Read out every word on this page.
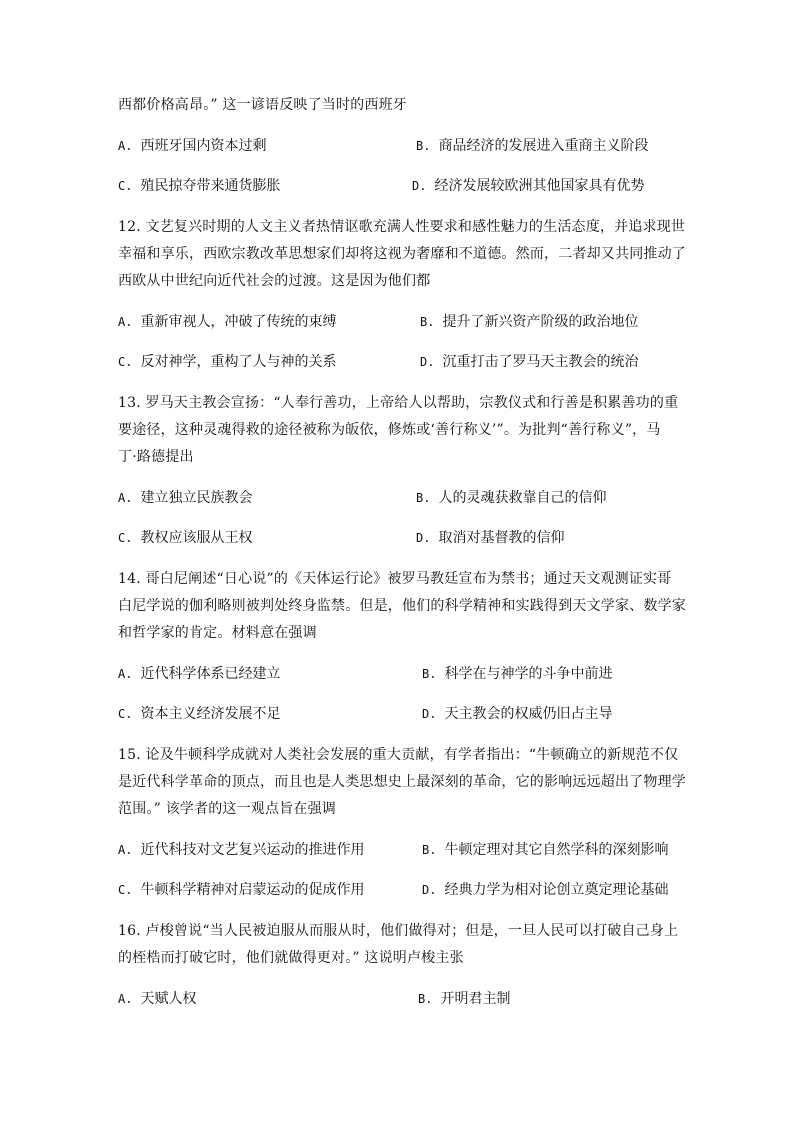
西都价格高昂。” 这一谚语反映了当时的西班牙
A. 西班牙国内资本过剩	B. 商品经济的发展进入重商主义阶段
C. 殖民掠夺带来通货膨胀	D. 经济发展较欧洲其他国家具有优势
12. 文艺复兴时期的人文主义者热情讴歌充满人性要求和感性魅力的生活态度，并追求现世
幸福和享乐，西欧宗教改革思想家们却将这视为奢靡和不道德。然而，二者却又共同推动了
西欧从中世纪向近代社会的过渡。这是因为他们都
A. 重新审视人，冲破了传统的束缚	B. 提升了新兴资产阶级的政治地位
C. 反对神学，重构了人与神的关系	D. 沉重打击了罗马天主教会的统治
13. 罗马天主教会宣扬：“人奉行善功，上帝给人以帮助，宗教仪式和行善是积累善功的重
要途径，这种灵魂得救的途径被称为皈依，修炼或‘善行称义’”。为批判“善行称义”，马
丁·路德提出
A. 建立独立民族教会	B. 人的灵魂获救靠自己的信仰
C. 教权应该服从王权	D. 取消对基督教的信仰
14. 哥白尼阐述“日心说”的《天体运行论》被罗马教廷宣布为禁书；通过天文观测证实哥
白尼学说的伽利略则被判处终身监禁。但是，他们的科学精神和实践得到天文学家、数学家
和哲学家的肯定。材料意在强调
A. 近代科学体系已经建立	B. 科学在与神学的斗争中前进
C. 资本主义经济发展不足	D. 天主教会的权威仍旧占主导
15. 论及牛顿科学成就对人类社会发展的重大贡献，有学者指出：“牛顿确立的新规范不仅
是近代科学革命的顶点，而且也是人类思想史上最深刻的革命，它的影响远远超出了物理学
范围。” 该学者的这一观点旨在强调
A. 近代科技对文艺复兴运动的推进作用	B. 牛顿定理对其它自然学科的深刻影响
C. 牛顿科学精神对启蒙运动的促成作用	D. 经典力学为相对论创立奠定理论基础
16. 卢梭曾说“当人民被迫服从而服从时，他们做得对；但是，一旦人民可以打破自己身上
的桎梏而打破它时，他们就做得更对。” 这说明卢梭主张
A. 天赋人权	B. 开明君主制
